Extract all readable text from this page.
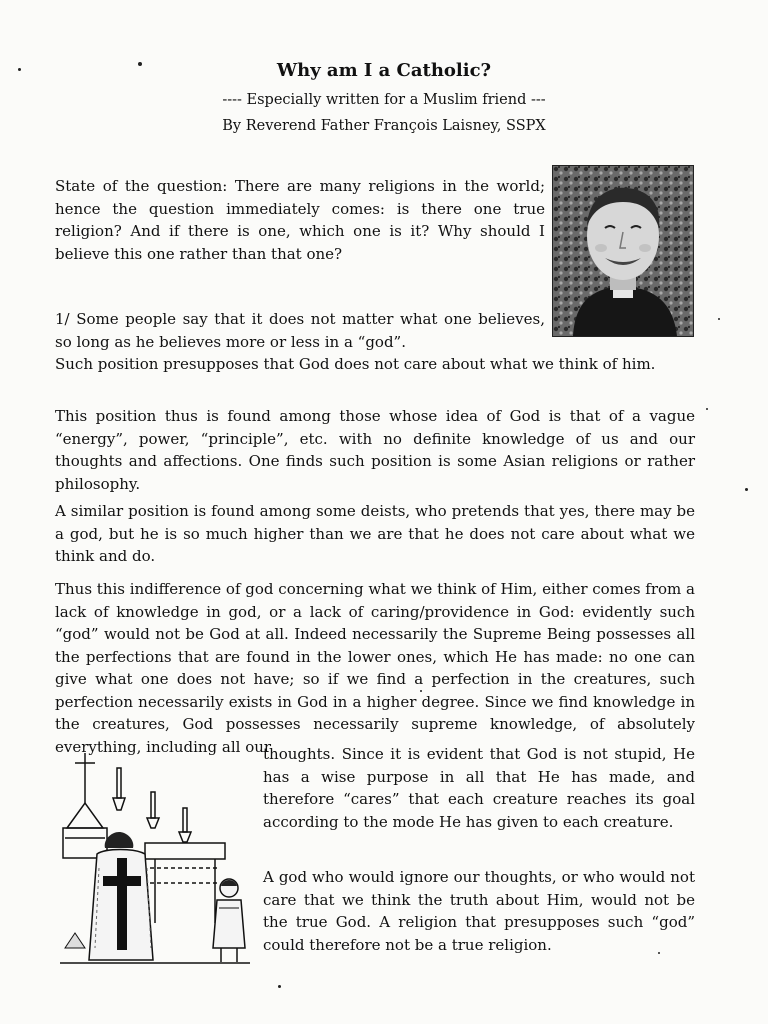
Why am I a Catholic?
---- Especially written for a Muslim friend ---
By Reverend Father François Laisney, SSPX

State of the question: There are many religions in the world; hence the question immediately comes: is there one true religion? And if there is one, which one is it? Why should I believe this one rather than that one?

1/ Some people say that it does not matter what one believes, so long as he believes more or less in a “god”.

Such position presupposes that God does not care about what we think of him.

This position thus is found among those whose idea of God is that of a vague “energy”, power, “principle”, etc. with no definite knowledge of us and our thoughts and affections. One finds such position is some Asian religions or rather philosophy.

A similar position is found among some deists, who pretends that yes, there may be a god, but he is so much higher than we are that he does not care about what we think and do.

Thus this indifference of god concerning what we think of Him, either comes from a lack of knowledge in god, or a lack of caring/providence in God: evidently such “god” would not be God at all. Indeed necessarily the Supreme Being possesses all the perfections that are found in the lower ones, which He has made: no one can give what one does not have; so if we find a perfection in the creatures, such perfection necessarily exists in God in a higher degree. Since we find knowledge in the creatures, God possesses necessarily supreme knowledge, of absolutely everything, including all our

thoughts. Since it is evident that God is not stupid, He has a wise purpose in all that He has made, and therefore “cares” that each creature reaches its goal according to the mode He has given to each creature.

A god who would ignore our thoughts, or who would not care that we think the truth about Him, would not be the true God. A religion that presupposes such “god” could therefore not be a true religion.
